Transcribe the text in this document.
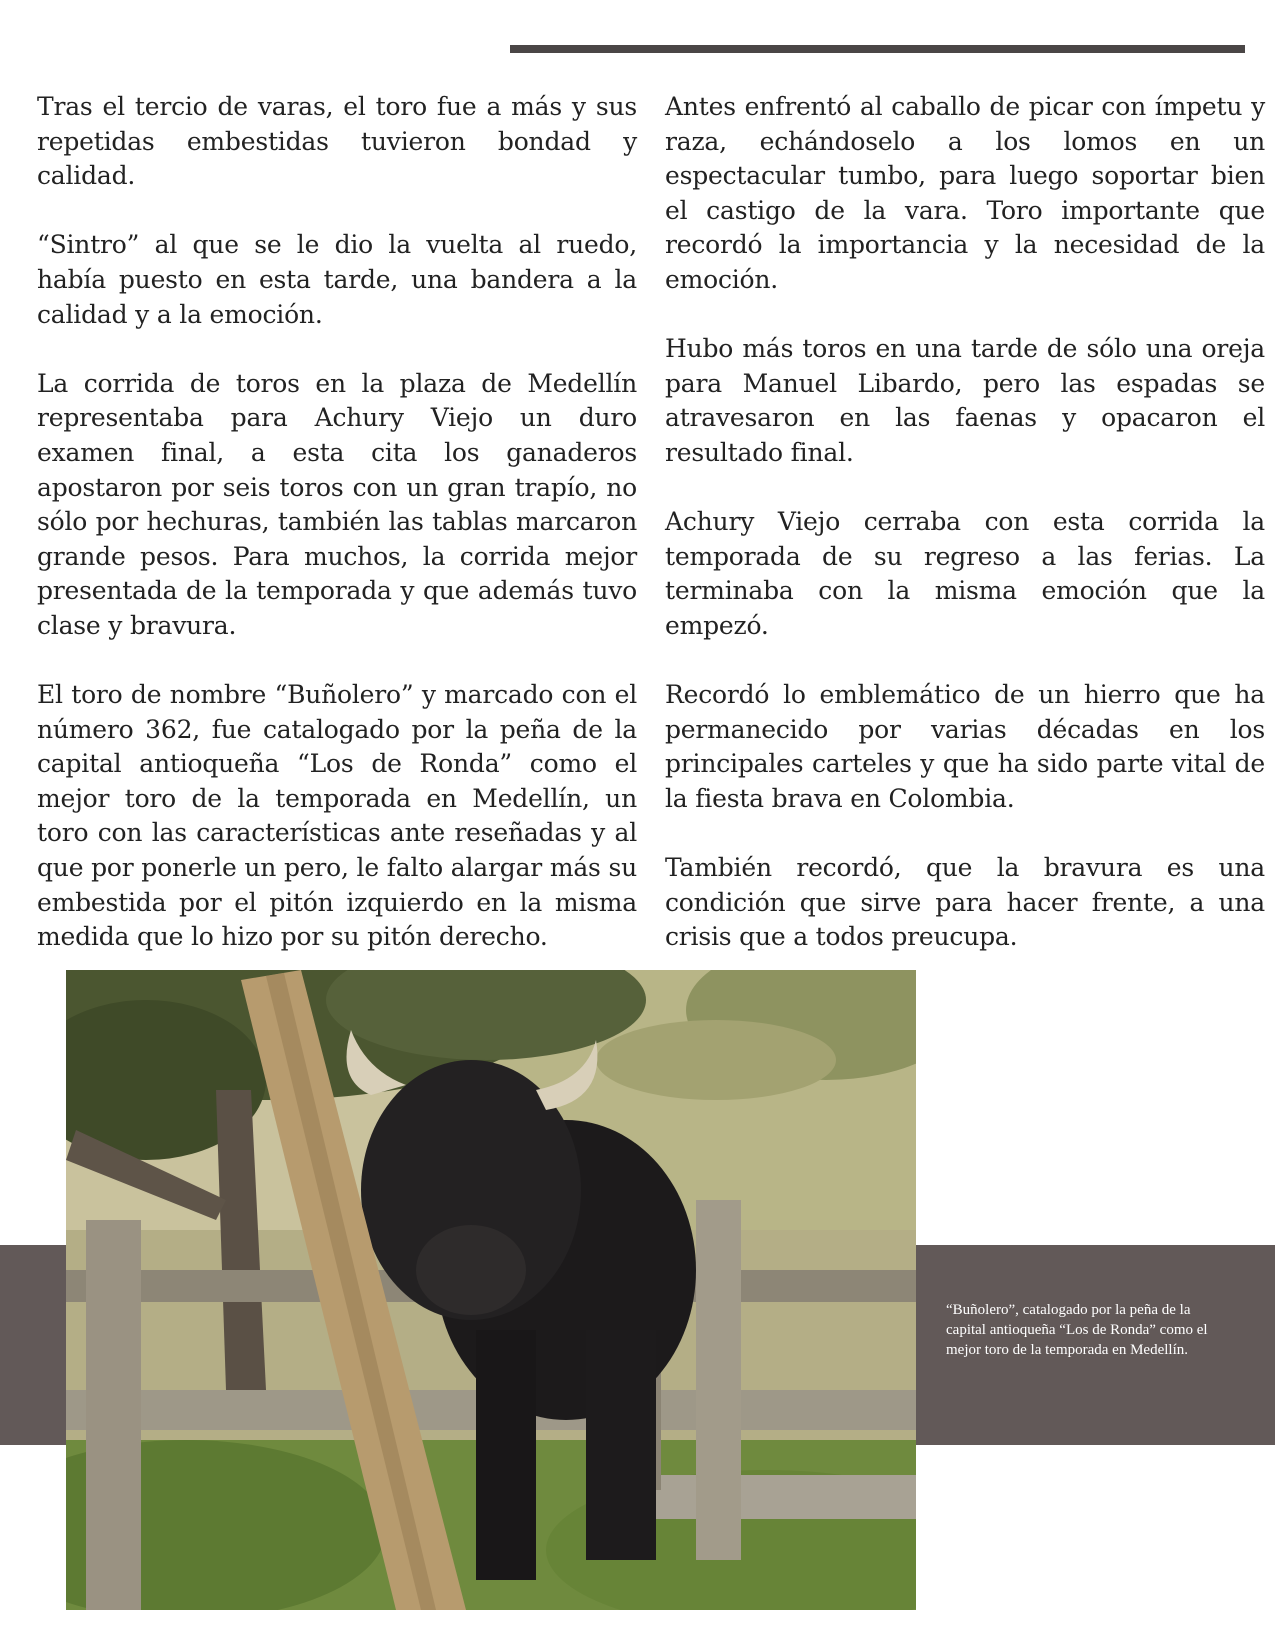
Tras el tercio de varas, el toro fue a más y sus repetidas embestidas tuvieron bondad y calidad.

“Sintro” al que se le dio la vuelta al ruedo, había puesto en esta tarde, una bandera a la calidad y a la emoción.

La corrida de toros en la plaza de Medellín representaba para Achury Viejo un duro examen final, a esta cita los ganaderos apostaron por seis toros con un gran trapío, no sólo por hechuras, también las tablas marcaron grande pesos. Para muchos, la corrida mejor presentada de la temporada y que además tuvo clase y bravura.

El toro de nombre “Buñolero” y marcado con el número 362, fue catalogado por la peña de la capital antioqueña “Los de Ronda” como el mejor toro de la temporada en Medellín, un toro con las características ante reseñadas y al que por ponerle un pero, le falto alargar más su embestida por el pitón izquierdo en la misma medida que lo hizo por su pitón derecho.

Antes enfrentó al caballo de picar con ímpetu y raza, echándoselo a los lomos en un espectacular tumbo, para luego soportar bien el castigo de la vara. Toro importante que recordó la importancia y la necesidad de la emoción.

Hubo más toros en una tarde de sólo una oreja para Manuel Libardo, pero las espadas se atravesaron en las faenas y opacaron el resultado final.

Achury Viejo cerraba con esta corrida la temporada de su regreso a las ferias. La terminaba con la misma emoción que la empezó.

Recordó lo emblemático de un hierro que ha permanecido por varias décadas en los principales carteles y que ha sido parte vital de la fiesta brava en Colombia.

También recordó, que la bravura es una condición que sirve para hacer frente, a una crisis que a todos preucupa.

“Buñolero”, catalogado por la peña de la capital antioqueña “Los de Ronda” como el mejor toro de la temporada en Medellín.
